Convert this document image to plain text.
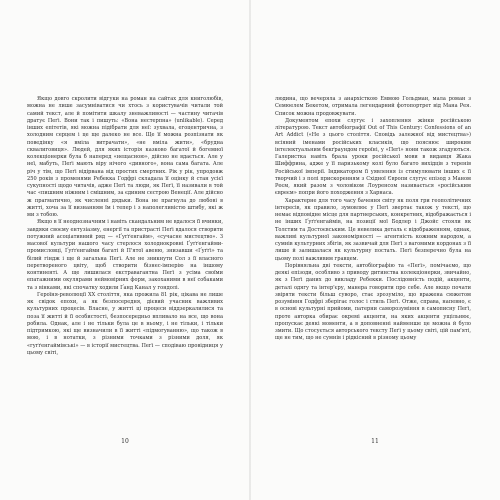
Якщо довго скролити відгуки на роман на сайтах для книголюбів, можна не лише засумніватися чи хтось з користувачів читали той самий текст, але й помітити шкалу зневажливості — частину читачів дратує Пеґі. Вони так і пишуть: «Вона нестерпна» (unlikable). Серед інших епітетів, які можна підібрати для неї: зухвала, егоцентрична, з холодним серцем і це ще далеко не все. Ще її можна розпізнати як поведінку «я вміла витрачати», «не вміла жити», «брудна сквалиговиця». Людей, для яких історія казково багатої й богемної колекціонерки була б наперед «нещасною», дійсно не вдається. Але у неї, мабуть, Пеґі мають віру нічого «дивного», вона сама багата. Але річ у тім, що Пеґі відірвана від простих смертних. Рік у рік, упродовж 250 років з променями Ребекка Годфрі складала її оцінку й стан усієї сукупності щодо читачів, адже Пеґі та люди, як Пеґі, її називали в той час «пишним ніжним і смішним, за єдиним сестрою Венеції. Але дійсно ж прагматично, як численні дядьки. Вона не прагнула до любові в житті, хоча за її визнанням їм і тепер і з наполегливістю штибу, які ж ми з тобою.

Якщо в її неоднозначним і навіть скандальним не вдалося її вчинки, завдяки своєму ентузіазму, енергії та пристрасті Пеґі вдалося створити потужний асоціативний ряд — «Ґуґґенгайм», «сучасне мистецтво». З масової культури нашого часу стерлося холоднокровні Ґуґґенгайми-промисловці, Ґуґґенгайми багаті й П'ятої авеню, знизавши «Ґуґґі» та білий гіндж і ще й загальна Пеґі. Але не зникнути Сол з її власного перетвореного цвіту, щоб створити бізнес-імперію на іншому континенті. А ще лишилася екстравагантна Пеґі з усіма своїми епатажними окулярами неймовірних форм, закоханими в неї собаками та з вінками, які спочатку ходили Ґанд Канал у гондолі.

Героїня-революції XX століття, яка прожила 81 рік, цікава не лише як свідок епохи, а як безпосередня, дієвий учасник важливих культурних процесів. Власне, у житті ці процеси віддзеркалилися та поза її житті й її особистості, безпосередньо впливало на все, що вона робила. Однак, але і не тільки була це в ньому, і не тільки, і тільки підтримкою, які ще визначили в її житті «підмогуванню», що також в мою, і в нотатки, з різними точками з різними доля, як «гуґґенгаймівські» — в історії мистецтва. Пеґі — сподіваю провідниця у цьому світі,

людина, що вечеряла з анархісткою Еммою Гольдман, мала роман з Семюелем Бекетом, отримала легендарний фотопортрет від Мана Рея. Список можна продовжувати.

Документом епохи слугує і захоплення жінки російською літературою. Текст автобіографії Out of This Century: Confessions of an Art Addict («Не з цього століття. Сповідь залежної від мистецтва») всіяний іменами російських класиків, що пояснює широким інтелектуальним бекґраундом героїні, у «Пеґі» нони також згадуються. Галеристка навіть брала уроки російської мови в видавця Жака Шиффрина, адже у її паризькому колі було багато вихідців з теренів Російської імперії. Індикатором її уявлення із стимулювати інших є її творчий і з полі прискоренням з Східної Європи слугує епізод з Маном Реєм, який разом з чоловіком Лоуренсом називається «російським євреєм» попри його походження з Харнаса.

Характерне для того часу бачення світу як поля гри геополітичних інтересів, як правило, зумовлює у Пеґі звертає також у тексті, що немає відповідне місце для партнерських, конкретних, відображається і не інших Ґуґґенгаймів, на позиції мої Бодлер і Джойс стояли як Толстим та Достоєвським. Це невелика деталь є відображенням, однак, важливі культурної закономірності — агентність кожним народом, а сумнів культурних збігів, як зазвичай для Пеґі з вагомими кордонах з її лише й залишалася як культурну постать. Пеґі безперечно була на цьому полі важливим гравцем.

Порівняльна дві тексти, автобіографію та «Пеґі», помічаємо, що деякі епізоди, особливо з приводу дитинства колекціонерки, звичайно, як з Пеґі даних до викладу Ребекки. Послідовність подій, акценти, деталі одягу та інтер'єру, манера говорити про себе. Але якщо почати звіряти тексти більш суворо, стає зрозуміло, що вражена сюжетом розуміння Годфрі зберігає голос і стиль Пеґі. Отже, справа, напевно, є в основі культурні прийоми, патерни саморозуміння в самописну Пеґі, проте авторка обирає окремі акценти, на яких акценти ущільнює, пропускає деякі моменти, а в доповненні найменше це можна й було змити. Що стосується авторського тексту Пеґі у цьому світі, цій пам'яті, ще не тим, що не сумнів і рідкісний в різному цьому

10	11
